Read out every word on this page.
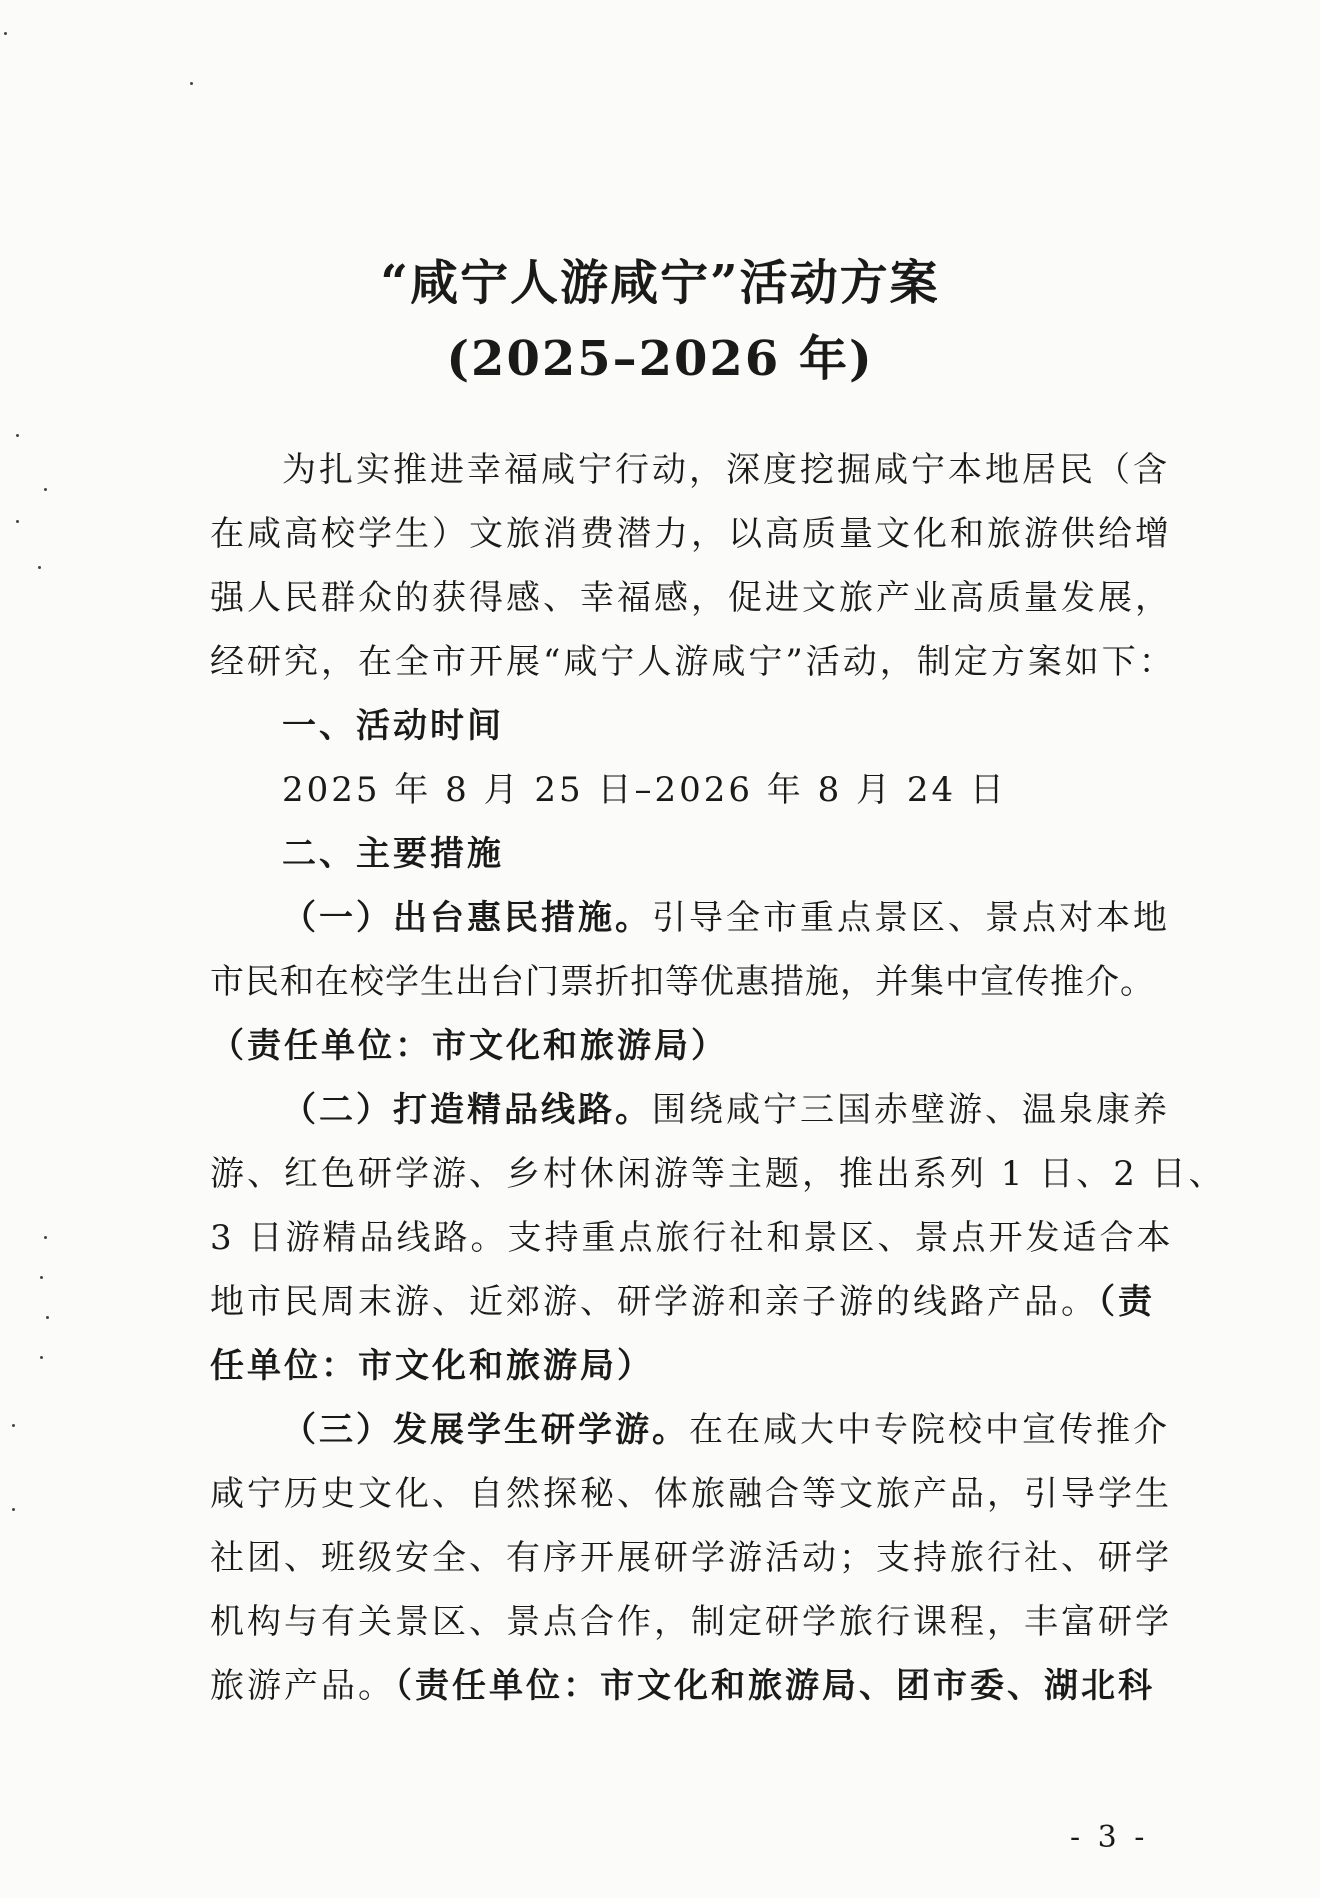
“咸宁人游咸宁”活动方案
(2025–2026 年)
为扎实推进幸福咸宁行动，深度挖掘咸宁本地居民（含
在咸高校学生）文旅消费潜力，以高质量文化和旅游供给增
强人民群众的获得感、幸福感，促进文旅产业高质量发展，
经研究，在全市开展“咸宁人游咸宁”活动，制定方案如下：
一、活动时间
2025 年 8 月 25 日–2026 年 8 月 24 日
二、主要措施
（一）出台惠民措施。引导全市重点景区、景点对本地
市民和在校学生出台门票折扣等优惠措施，并集中宣传推介。
（责任单位：市文化和旅游局）
（二）打造精品线路。围绕咸宁三国赤壁游、温泉康养
游、红色研学游、乡村休闲游等主题，推出系列 1 日、2 日、
3 日游精品线路。支持重点旅行社和景区、景点开发适合本
地市民周末游、近郊游、研学游和亲子游的线路产品。（责
任单位：市文化和旅游局）
（三）发展学生研学游。在在咸大中专院校中宣传推介
咸宁历史文化、自然探秘、体旅融合等文旅产品，引导学生
社团、班级安全、有序开展研学游活动；支持旅行社、研学
机构与有关景区、景点合作，制定研学旅行课程，丰富研学
旅游产品。（责任单位：市文化和旅游局、团市委、湖北科
- 3 -
